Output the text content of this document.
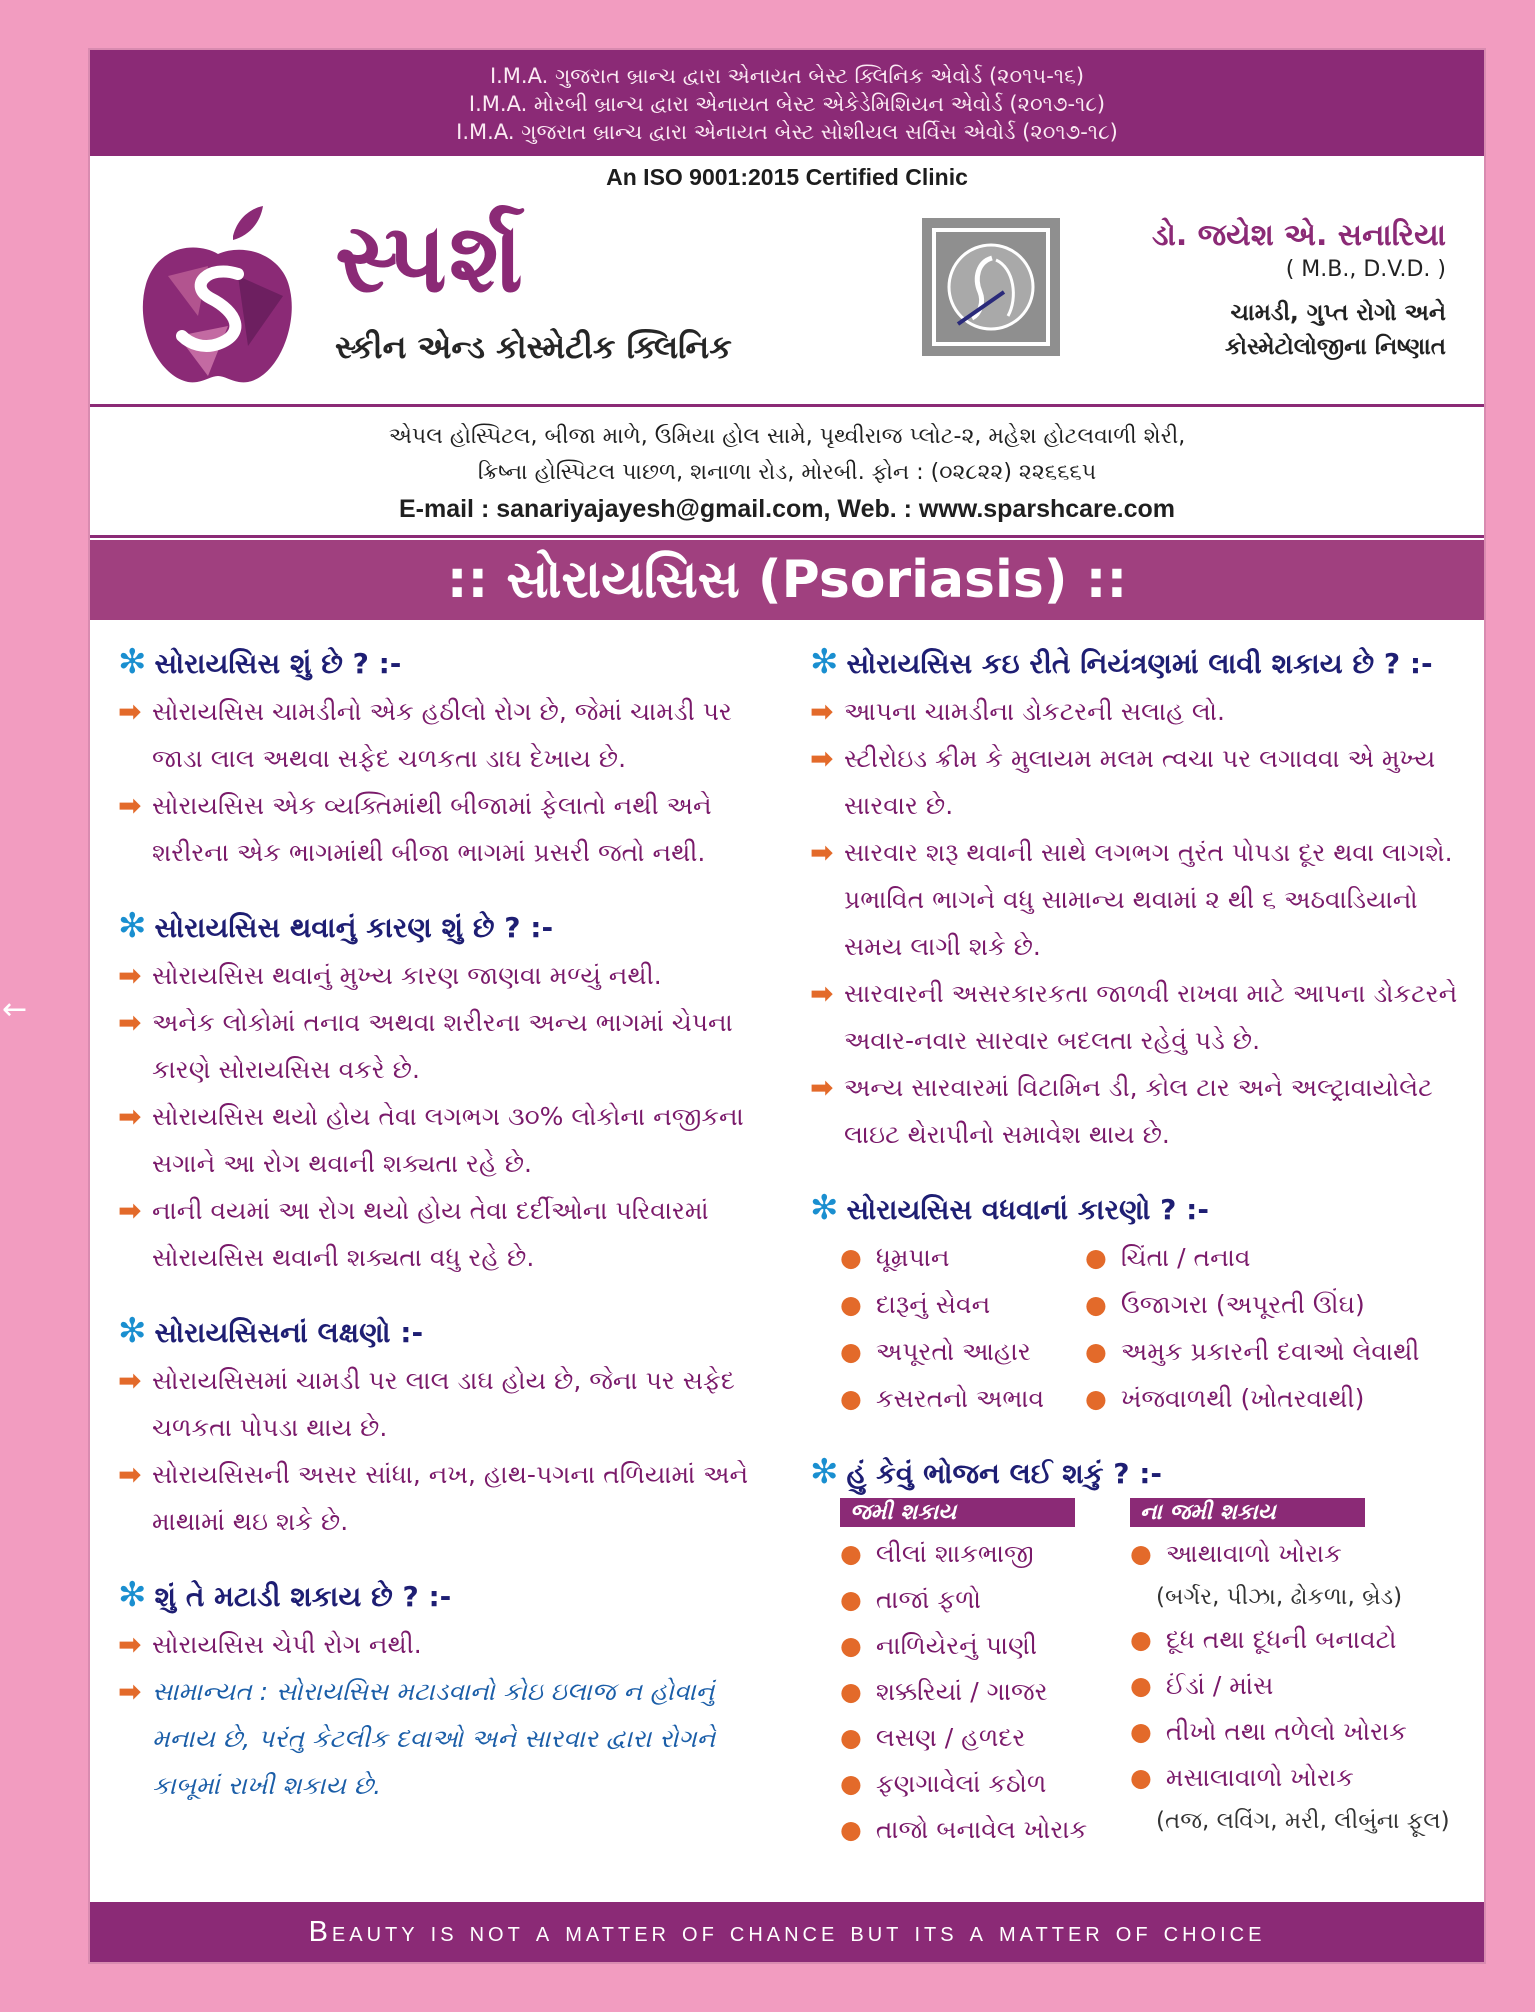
←
I.M.A. ગુજરાત બ્રાન્ચ દ્વારા એનાયત બેસ્ટ ક્લિનિક એવોર્ડ (૨૦૧૫-૧૬)
I.M.A. મોરબી બ્રાન્ચ દ્વારા એનાયત બેસ્ટ એકેડેમિશિયન એવોર્ડ (૨૦૧૭-૧૮)
I.M.A. ગુજરાત બ્રાન્ચ દ્વારા એનાયત બેસ્ટ સોશીયલ સર્વિસ એવોર્ડ (૨૦૧૭-૧૮)
An ISO 9001:2015 Certified Clinic
સ્પર્શ
સ્કીન એન્ડ કોસ્મેટીક ક્લિનિક
ડો. જયેશ એ. સનારિયા
( M.B., D.V.D. )
ચામડી, ગુપ્ત રોગો અને
કોસ્મેટોલોજીના નિષ્ણાત
એપલ હોસ્પિટલ, બીજા માળે, ઉમિયા હોલ સામે, પૃથ્વીરાજ પ્લોટ-૨, મહેશ હોટલવાળી શેરી,
ક્રિષ્ના હોસ્પિટલ પાછળ, શનાળા રોડ, મોરબી. ફોન : (૦૨૮૨૨) ૨૨૬૬૬૫
E-mail : sanariyajayesh@gmail.com, Web. : www.sparshcare.com
:: સોરાયસિસ (Psoriasis) ::
✻ સોરાયસિસ શું છે ? :-
➡ સોરાયસિસ ચામડીનો એક હઠીલો રોગ છે, જેમાં ચામડી પર જાડા લાલ અથવા સફેદ ચળકતા ડાઘ દેખાય છે.
➡ સોરાયસિસ એક વ્યક્તિમાંથી બીજામાં ફેલાતો નથી અને શરીરના એક ભાગમાંથી બીજા ભાગમાં પ્રસરી જતો નથી.
✻ સોરાયસિસ થવાનું કારણ શું છે ? :-
➡ સોરાયસિસ થવાનું મુખ્ય કારણ જાણવા મળ્યું નથી.
➡ અનેક લોકોમાં તનાવ અથવા શરીરના અન્ય ભાગમાં ચેપના કારણે સોરાયસિસ વકરે છે.
➡ સોરાયસિસ થયો હોય તેવા લગભગ ૩૦% લોકોના નજીકના સગાને આ રોગ થવાની શક્યતા રહે છે.
➡ નાની વયમાં આ રોગ થયો હોય તેવા દર્દીઓના પરિવારમાં સોરાયસિસ થવાની શક્યતા વધુ રહે છે.
✻ સોરાયસિસનાં લક્ષણો :-
➡ સોરાયસિસમાં ચામડી પર લાલ ડાઘ હોય છે, જેના પર સફેદ ચળકતા પોપડા થાય છે.
➡ સોરાયસિસની અસર સાંધા, નખ, હાથ-પગના તળિયામાં અને માથામાં થઇ શકે છે.
✻ શું તે મટાડી શકાય છે ? :-
➡ સોરાયસિસ ચેપી રોગ નથી.
➡ સામાન્યત : સોરાયસિસ મટાડવાનો કોઇ ઇલાજ ન હોવાનું મનાય છે, પરંતુ કેટલીક દવાઓ અને સારવાર દ્વારા રોગને કાબૂમાં રાખી શકાય છે.
✻ સોરાયસિસ કઇ રીતે નિયંત્રણમાં લાવી શકાય છે ? :-
➡ આપના ચામડીના ડોકટરની સલાહ લો.
➡ સ્ટીરોઇડ ક્રીમ કે મુલાયમ મલમ ત્વચા પર લગાવવા એ મુખ્ય સારવાર છે.
➡ સારવાર શરૂ થવાની સાથે લગભગ તુરંત પોપડા દૂર થવા લાગશે. પ્રભાવિત ભાગને વધુ સામાન્ય થવામાં ૨ થી ૬ અઠવાડિયાનો સમય લાગી શકે છે.
➡ સારવારની અસરકારકતા જાળવી રાખવા માટે આપના ડોકટરને અવાર-નવાર સારવાર બદલતા રહેવું પડે છે.
➡ અન્ય સારવારમાં વિટામિન ડી, કોલ ટાર અને અલ્ટ્રાવાયોલેટ લાઇટ થેરાપીનો સમાવેશ થાય છે.
✻ સોરાયસિસ વધવાનાં કારણો ? :-
● ધૂમ્રપાન	● ચિંતા / તનાવ
● દારૂનું સેવન	● ઉજાગરા (અપૂરતી ઊંઘ)
● અપૂરતો આહાર	● અમુક પ્રકારની દવાઓ લેવાથી
● કસરતનો અભાવ	● ખંજવાળથી (ખોતરવાથી)
✻ હું કેવું ભોજન લઈ શકું ? :-
જમી શકાય
● લીલાં શાકભાજી
● તાજાં ફળો
● નાળિયેરનું પાણી
● શક્કરિયાં / ગાજર
● લસણ / હળદર
● ફણગાવેલાં કઠોળ
● તાજો બનાવેલ ખોરાક
ના જમી શકાય
● આથાવાળો ખોરાક
(બર્ગર, પીઝા, ઢોકળા, બ્રેડ)
● દૂધ તથા દૂધની બનાવટો
● ઈંડાં / માંસ
● તીખો તથા તળેલો ખોરાક
● મસાલાવાળો ખોરાક
(તજ, લવિંગ, મરી, લીબુંના ફૂલ)
Beauty is not a matter of chance but its a matter of choice
